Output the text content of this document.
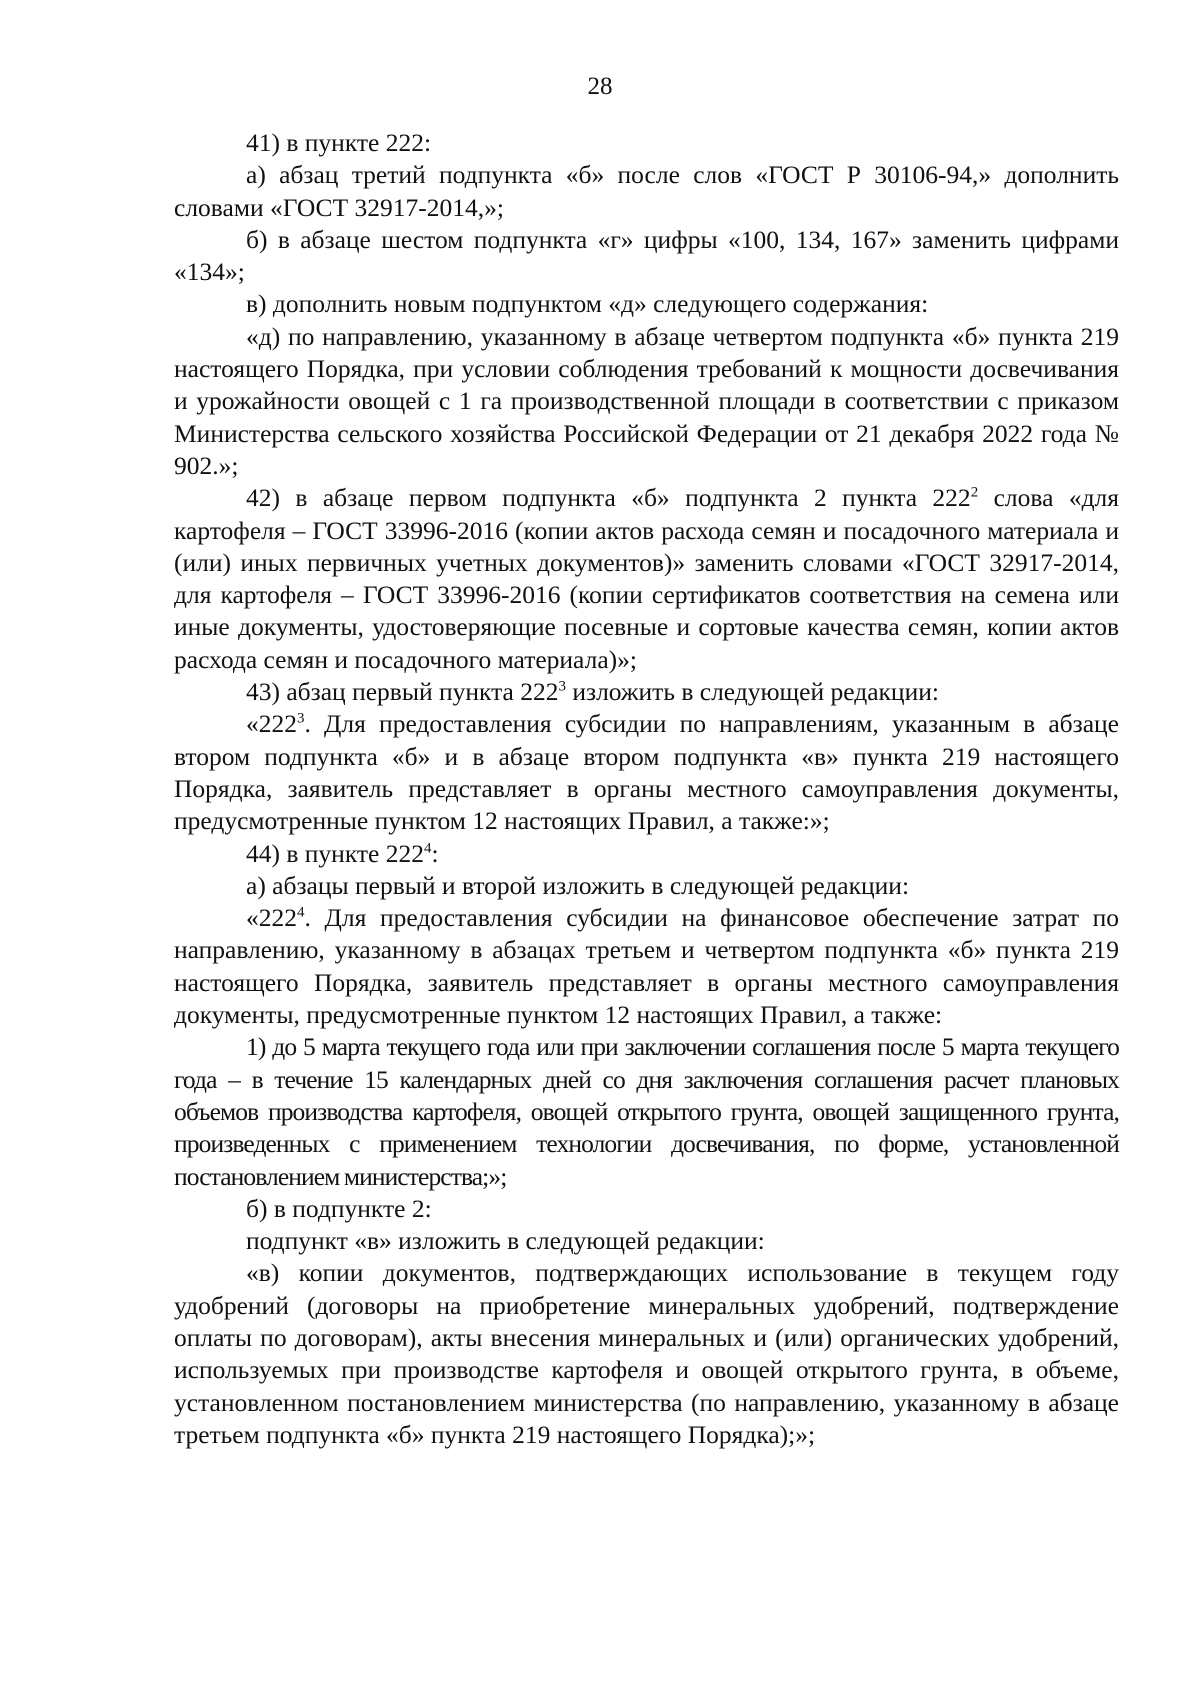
28

41) в пункте 222:

а) абзац третий подпункта «б» после слов «ГОСТ Р 30106-94,» дополнить словами «ГОСТ 32917-2014,»;

б) в абзаце шестом подпункта «г» цифры «100, 134, 167» заменить цифрами «134»;

в) дополнить новым подпунктом «д» следующего содержания:

«д) по направлению, указанному в абзаце четвертом подпункта «б» пункта 219 настоящего Порядка, при условии соблюдения требований к мощности досвечивания и урожайности овощей с 1 га производственной площади в соответствии с приказом Министерства сельского хозяйства Российской Федерации от 21 декабря 2022 года № 902.»;

42) в абзаце первом подпункта «б» подпункта 2 пункта $222^2$ слова «для картофеля – ГОСТ 33996-2016 (копии актов расхода семян и посадочного материала и (или) иных первичных учетных документов)» заменить словами «ГОСТ 32917-2014, для картофеля – ГОСТ 33996-2016 (копии сертификатов соответствия на семена или иные документы, удостоверяющие посевные и сортовые качества семян, копии актов расхода семян и посадочного материала)»;

43) абзац первый пункта $222^3$ изложить в следующей редакции:

«$222^3$. Для предоставления субсидии по направлениям, указанным в абзаце втором подпункта «б» и в абзаце втором подпункта «в» пункта 219 настоящего Порядка, заявитель представляет в органы местного самоуправления документы, предусмотренные пунктом 12 настоящих Правил, а также:»;

44) в пункте $222^4$:

а) абзацы первый и второй изложить в следующей редакции:

«$222^4$. Для предоставления субсидии на финансовое обеспечение затрат по направлению, указанному в абзацах третьем и четвертом подпункта «б» пункта 219 настоящего Порядка, заявитель представляет в органы местного самоуправления документы, предусмотренные пунктом 12 настоящих Правил, а также:

1) до 5 марта текущего года или при заключении соглашения после 5 марта текущего года – в течение 15 календарных дней со дня заключения соглашения расчет плановых объемов производства картофеля, овощей открытого грунта, овощей защищенного грунта, произведенных с применением технологии досвечивания, по форме, установленной постановлением министерства;»;

б) в подпункте 2:

подпункт «в» изложить в следующей редакции:

«в) копии документов, подтверждающих использование в текущем году удобрений (договоры на приобретение минеральных удобрений, подтверждение оплаты по договорам), акты внесения минеральных и (или) органических удобрений, используемых при производстве картофеля и овощей открытого грунта, в объеме, установленном постановлением министерства (по направлению, указанному в абзаце третьем подпункта «б» пункта 219 настоящего Порядка);»;
